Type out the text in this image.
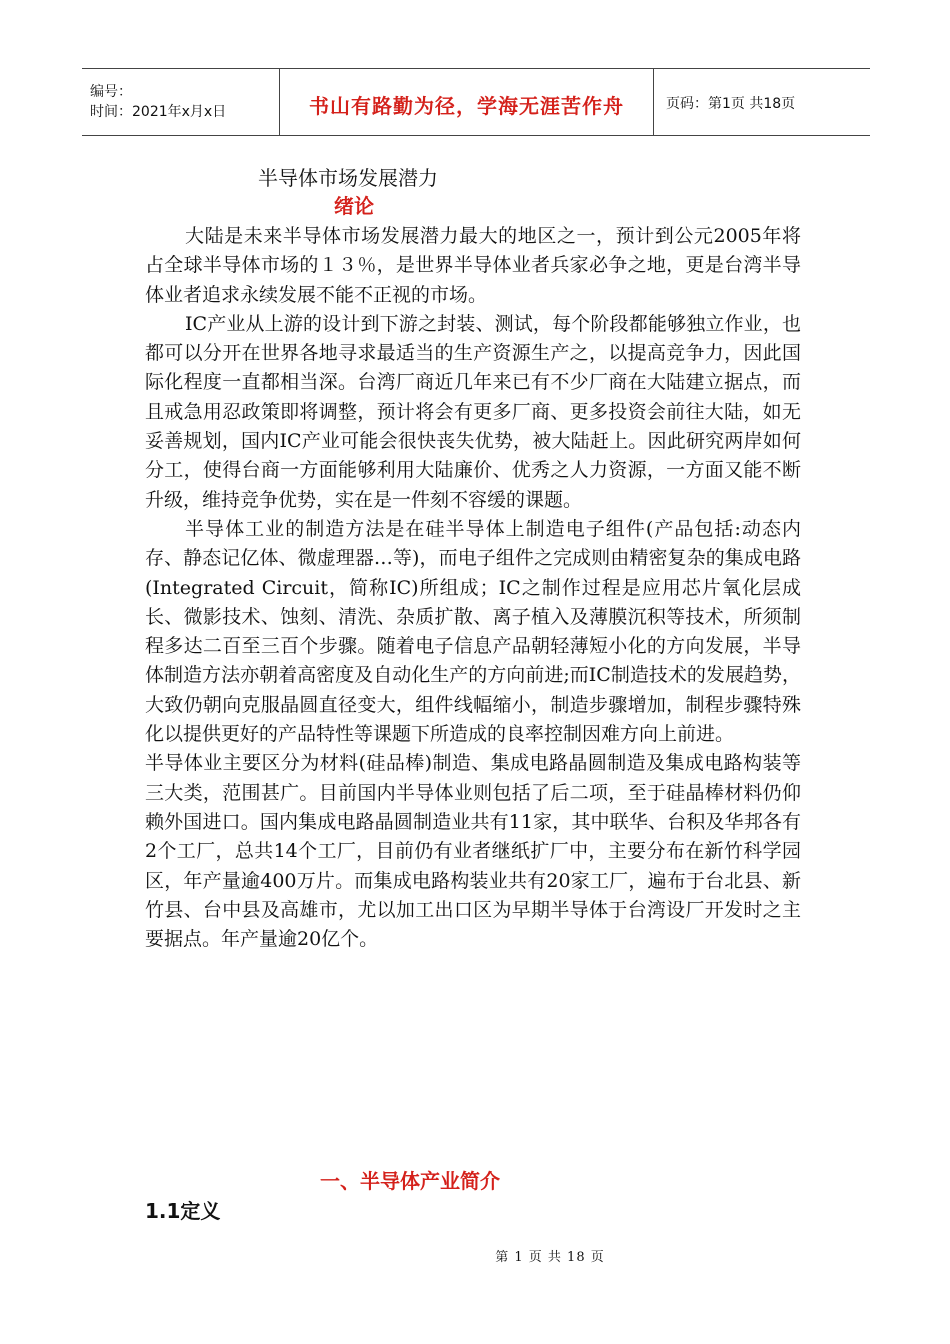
编号：
时间：2021年x月x日	书山有路勤为径，学海无涯苦作舟	页码：第1页 共18页
半导体市场发展潜力
绪论

大陆是未来半导体市场发展潜力最大的地区之一，预计到公元2005年将占全球半导体市场的１３％，是世界半导体业者兵家必争之地，更是台湾半导体业者追求永续发展不能不正视的市场。

IC产业从上游的设计到下游之封装、测试，每个阶段都能够独立作业，也都可以分开在世界各地寻求最适当的生产资源生产之，以提高竞争力，因此国际化程度一直都相当深。台湾厂商近几年来已有不少厂商在大陆建立据点，而且戒急用忍政策即将调整，预计将会有更多厂商、更多投资会前往大陆，如无妥善规划，国内IC产业可能会很快丧失优势，被大陆赶上。因此研究两岸如何分工，使得台商一方面能够利用大陆廉价、优秀之人力资源，一方面又能不断升级，维持竞争优势，实在是一件刻不容缓的课题。

半导体工业的制造方法是在硅半导体上制造电子组件(产品包括:动态内存、静态记亿体、微虚理器…等)，而电子组件之完成则由精密复杂的集成电路(Integrated Circuit，简称IC)所组成；IC之制作过程是应用芯片氧化层成长、微影技术、蚀刻、清洗、杂质扩散、离子植入及薄膜沉积等技术，所须制程多达二百至三百个步骤。随着电子信息产品朝轻薄短小化的方向发展，半导体制造方法亦朝着高密度及自动化生产的方向前进;而IC制造技术的发展趋势，大致仍朝向克服晶圆直径变大，组件线幅缩小，制造步骤增加，制程步骤特殊化以提供更好的产品特性等课题下所造成的良率控制因难方向上前进。

半导体业主要区分为材料(硅品棒)制造、集成电路晶圆制造及集成电路构装等三大类，范围甚广。目前国内半导体业则包括了后二项，至于硅晶棒材料仍仰赖外国进口。国内集成电路晶圆制造业共有11家，其中联华、台积及华邦各有2个工厂，总共14个工厂，目前仍有业者继纸扩厂中，主要分布在新竹科学园区，年产量逾400万片。而集成电路构装业共有20家工厂，遍布于台北县、新竹县、台中县及高雄市，尤以加工出口区为早期半导体于台湾设厂开发时之主要据点。年产量逾20亿个。

一、半导体产业简介
1.1定义
第 1 页 共 18 页
